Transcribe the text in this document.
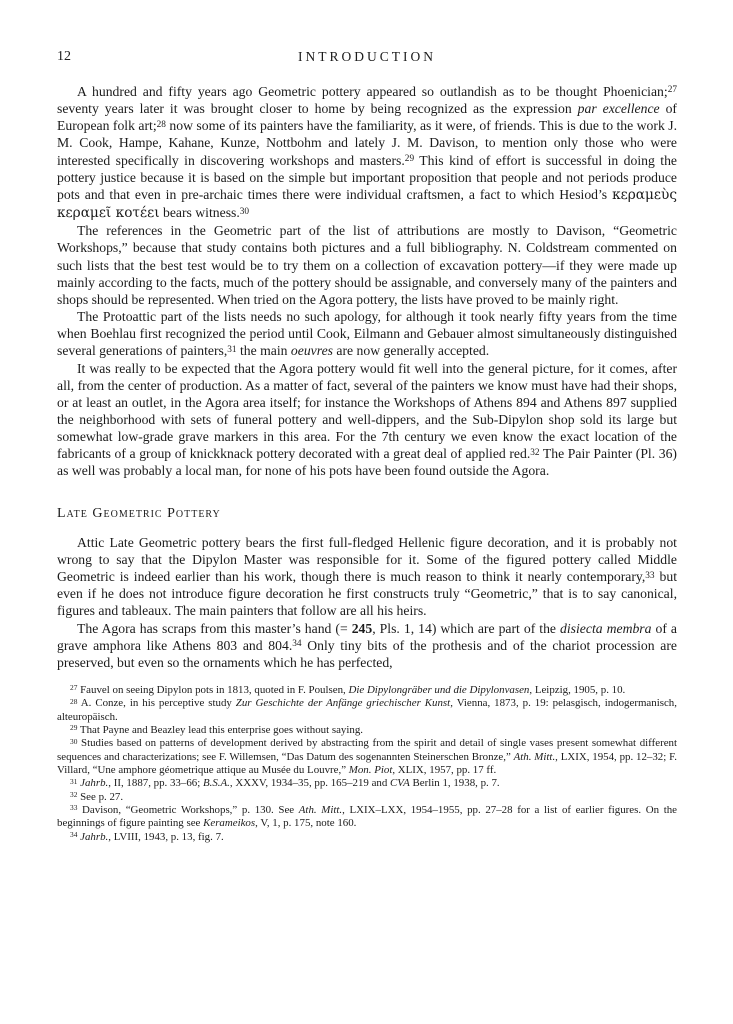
12	INTRODUCTION

A hundred and fifty years ago Geometric pottery appeared so outlandish as to be thought Phoenician;$^{27}$ seventy years later it was brought closer to home by being recognized as the expression par excellence of European folk art;$^{28}$ now some of its painters have the familiarity, as it were, of friends. This is due to the work J. M. Cook, Hampe, Kahane, Kunze, Nottbohm and lately J. M. Davison, to mention only those who were interested specifically in discovering workshops and masters.$^{29}$ This kind of effort is successful in doing the pottery justice because it is based on the simple but important proposition that people and not periods produce pots and that even in pre-archaic times there were individual craftsmen, a fact to which Hesiod’s κεραμεὺς κεραμεῖ κοτέει bears witness.$^{30}$

The references in the Geometric part of the list of attributions are mostly to Davison, “Geometric Workshops,” because that study contains both pictures and a full bibliography. N. Coldstream commented on such lists that the best test would be to try them on a collection of excavation pottery—if they were made up mainly according to the facts, much of the pottery should be assignable, and conversely many of the painters and shops should be represented. When tried on the Agora pottery, the lists have proved to be mainly right.

The Protoattic part of the lists needs no such apology, for although it took nearly fifty years from the time when Boehlau first recognized the period until Cook, Eilmann and Gebauer almost simultaneously distinguished several generations of painters,$^{31}$ the main oeuvres are now generally accepted.

It was really to be expected that the Agora pottery would fit well into the general picture, for it comes, after all, from the center of production. As a matter of fact, several of the painters we know must have had their shops, or at least an outlet, in the Agora area itself; for instance the Workshops of Athens 894 and Athens 897 supplied the neighborhood with sets of funeral pottery and well-dippers, and the Sub-Dipylon shop sold its large but somewhat low-grade grave markers in this area. For the 7th century we even know the exact location of the fabricants of a group of knickknack pottery decorated with a great deal of applied red.$^{32}$ The Pair Painter (Pl. 36) as well was probably a local man, for none of his pots have been found outside the Agora.

Late Geometric Pottery

Attic Late Geometric pottery bears the first full-fledged Hellenic figure decoration, and it is probably not wrong to say that the Dipylon Master was responsible for it. Some of the figured pottery called Middle Geometric is indeed earlier than his work, though there is much reason to think it nearly contemporary,$^{33}$ but even if he does not introduce figure decoration he first constructs truly “Geometric,” that is to say canonical, figures and tableaux. The main painters that follow are all his heirs.

The Agora has scraps from this master’s hand (= 245, Pls. 1, 14) which are part of the disiecta membra of a grave amphora like Athens 803 and 804.34 Only tiny bits of the prothesis and of the chariot procession are preserved, but even so the ornaments which he has perfected,

$^{27}$ Fauvel on seeing Dipylon pots in 1813, quoted in F. Poulsen, Die Dipylongräber und die Dipylonvasen, Leipzig, 1905, p. 10.

$^{28}$ A. Conze, in his perceptive study Zur Geschichte der Anfänge griechischer Kunst, Vienna, 1873, p. 19: pelasgisch, indogermanisch, alteuropäisch.

$^{29}$ That Payne and Beazley lead this enterprise goes without saying.

$^{30}$ Studies based on patterns of development derived by abstracting from the spirit and detail of single vases present somewhat different sequences and characterizations; see F. Willemsen, “Das Datum des sogenannten Steinerschen Bronze,” Ath. Mitt., LXIX, 1954, pp. 12–32; F. Villard, “Une amphore géometrique attique au Musée du Louvre,” Mon. Piot, XLIX, 1957, pp. 17 ff.

$^{31}$ Jahrb., II, 1887, pp. 33–66; B.S.A., XXXV, 1934–35, pp. 165–219 and CVA Berlin 1, 1938, p. 7.

$^{32}$ See p. 27.

$^{33}$ Davison, “Geometric Workshops,” p. 130. See Ath. Mitt., LXIX–LXX, 1954–1955, pp. 27–28 for a list of earlier figures. On the beginnings of figure painting see Kerameikos, V, 1, p. 175, note 160.

$^{34}$ Jahrb., LVIII, 1943, p. 13, fig. 7.
